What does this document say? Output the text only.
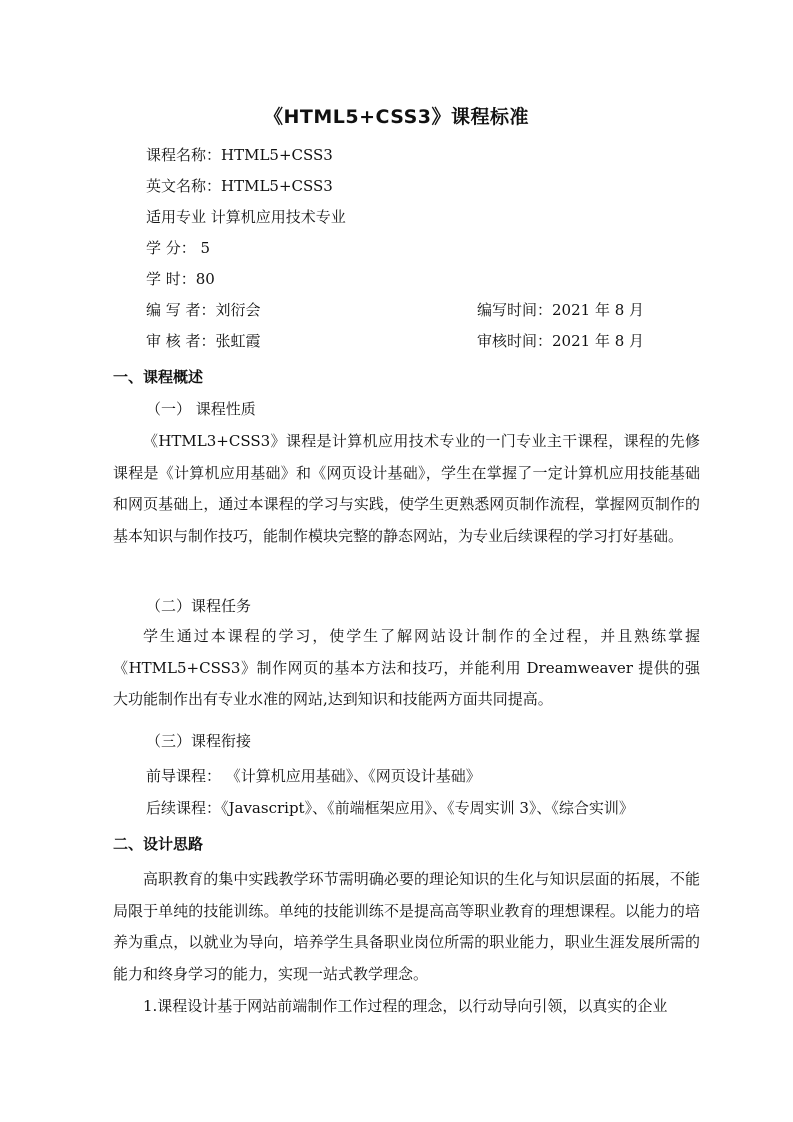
《HTML5+CSS3》课程标准
课程名称：HTML5+CSS3
英文名称：HTML5+CSS3
适用专业 计算机应用技术专业
学 分： 5
学 时：80
编 写 者：刘衍会	编写时间：2021 年 8 月
审 核 者：张虹霞	审核时间：2021 年 8 月
一、课程概述
（一） 课程性质
《HTML3+CSS3》课程是计算机应用技术专业的一门专业主干课程，课程的先修课程是《计算机应用基础》和《网页设计基础》，学生在掌握了一定计算机应用技能基础和网页基础上，通过本课程的学习与实践，使学生更熟悉网页制作流程，掌握网页制作的基本知识与制作技巧，能制作模块完整的静态网站，为专业后续课程的学习打好基础。
（二）课程任务
学生通过本课程的学习，使学生了解网站设计制作的全过程，并且熟练掌握《HTML5+CSS3》制作网页的基本方法和技巧，并能利用 Dreamweaver 提供的强大功能制作出有专业水准的网站,达到知识和技能两方面共同提高。
（三）课程衔接
前导课程： 《计算机应用基础》、《网页设计基础》
后续课程：《Javascript》、《前端框架应用》、《专周实训 3》、《综合实训》
二、设计思路
高职教育的集中实践教学环节需明确必要的理论知识的生化与知识层面的拓展，不能局限于单纯的技能训练。单纯的技能训练不是提高高等职业教育的理想课程。以能力的培养为重点，以就业为导向，培养学生具备职业岗位所需的职业能力，职业生涯发展所需的能力和终身学习的能力，实现一站式教学理念。
1.课程设计基于网站前端制作工作过程的理念，以行动导向引领，以真实的企业
